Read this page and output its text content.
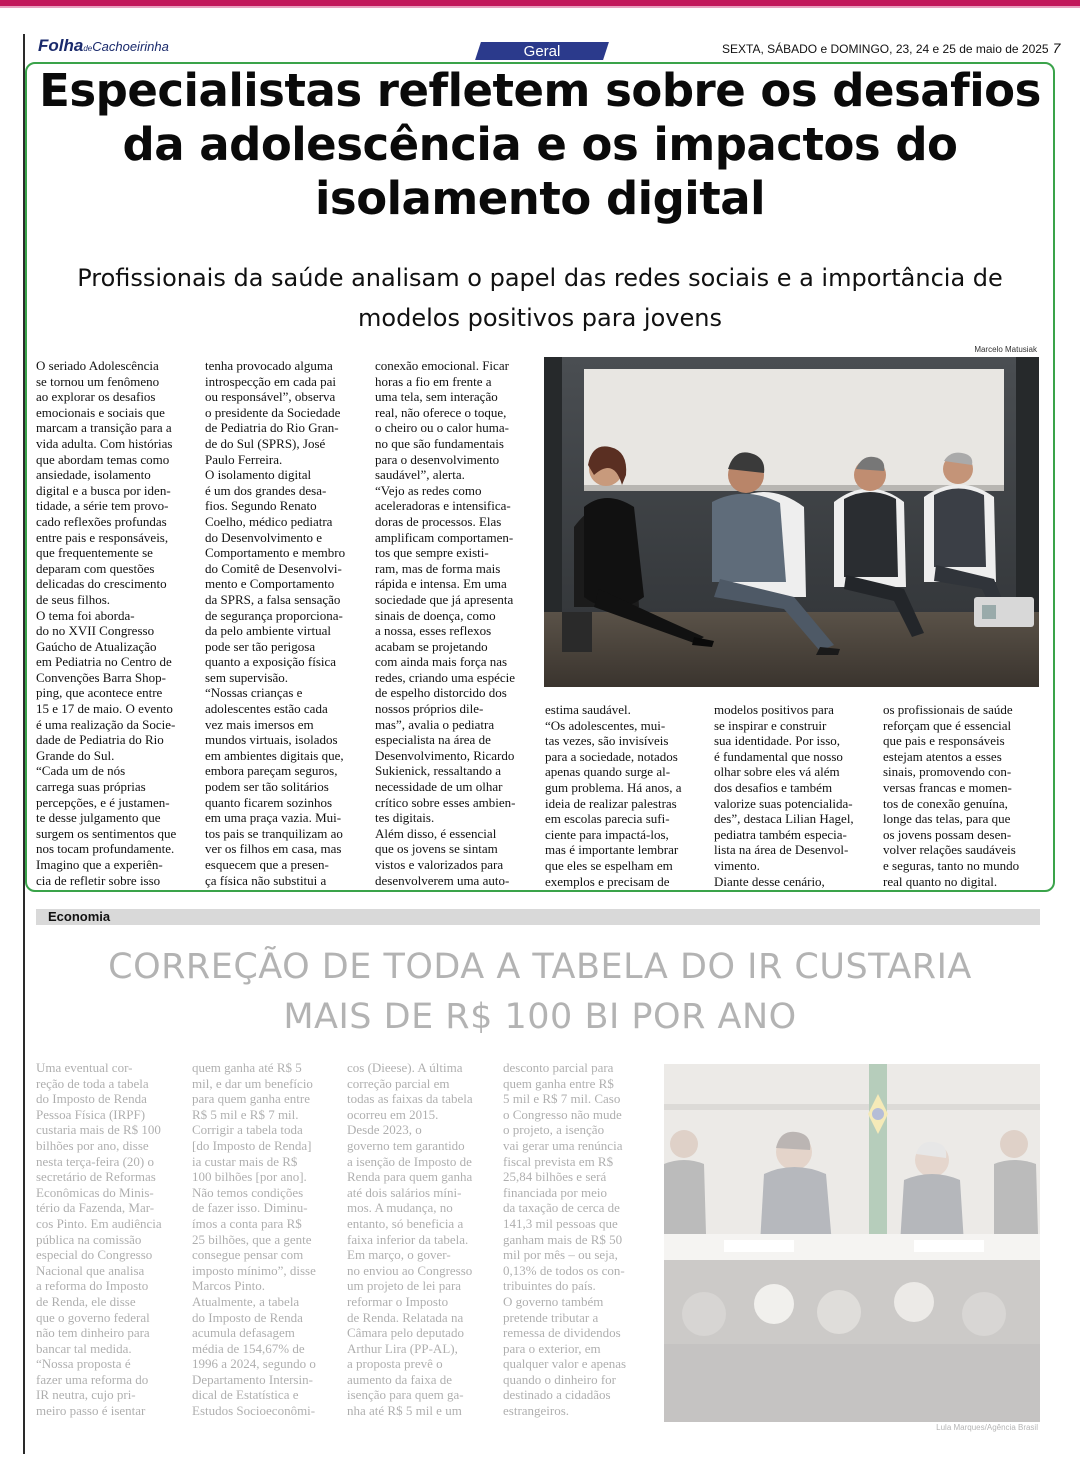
FolhadeCachoeirinha	Geral	SEXTA, SÁBADO e DOMINGO, 23, 24 e 25 de maio de 2025 7
Especialistas refletem sobre os desafios da adolescência e os impactos do isolamento digital
Profissionais da saúde analisam o papel das redes sociais e a importância de modelos positivos para jovens
O seriado Adolescência
se tornou um fenômeno
ao explorar os desafios
emocionais e sociais que
marcam a transição para a
vida adulta. Com histórias
que abordam temas como
ansiedade, isolamento
digital e a busca por iden-
tidade, a série tem provo-
cado reflexões profundas
entre pais e responsáveis,
que frequentemente se
deparam com questões
delicadas do crescimento
de seus filhos.
O tema foi aborda-
do no XVII Congresso
Gaúcho de Atualização
em Pediatria no Centro de
Convenções Barra Shop-
ping, que acontece entre
15 e 17 de maio. O evento
é uma realização da Socie-
dade de Pediatria do Rio
Grande do Sul.
“Cada um de nós
carrega suas próprias
percepções, e é justamen-
te desse julgamento que
surgem os sentimentos que
nos tocam profundamente.
Imagino que a experiên-
cia de refletir sobre isso
tenha provocado alguma
introspecção em cada pai
ou responsável”, observa
o presidente da Sociedade
de Pediatria do Rio Gran-
de do Sul (SPRS), José
Paulo Ferreira.
O isolamento digital
é um dos grandes desa-
fios. Segundo Renato
Coelho, médico pediatra
do Desenvolvimento e
Comportamento e membro
do Comitê de Desenvolvi-
mento e Comportamento
da SPRS, a falsa sensação
de segurança proporciona-
da pelo ambiente virtual
pode ser tão perigosa
quanto a exposição física
sem supervisão.
“Nossas crianças e
adolescentes estão cada
vez mais imersos em
mundos virtuais, isolados
em ambientes digitais que,
embora pareçam seguros,
podem ser tão solitários
quanto ficarem sozinhos
em uma praça vazia. Mui-
tos pais se tranquilizam ao
ver os filhos em casa, mas
esquecem que a presen-
ça física não substitui a
conexão emocional. Ficar
horas a fio em frente a
uma tela, sem interação
real, não oferece o toque,
o cheiro ou o calor huma-
no que são fundamentais
para o desenvolvimento
saudável”, alerta.
“Vejo as redes como
aceleradoras e intensifica-
doras de processos. Elas
amplificam comportamen-
tos que sempre existi-
ram, mas de forma mais
rápida e intensa. Em uma
sociedade que já apresenta
sinais de doença, como
a nossa, esses reflexos
acabam se projetando
com ainda mais força nas
redes, criando uma espécie
de espelho distorcido dos
nossos próprios dile-
mas”, avalia o pediatra
especialista na área de
Desenvolvimento, Ricardo
Sukienick, ressaltando a
necessidade de um olhar
crítico sobre esses ambien-
tes digitais.
Além disso, é essencial
que os jovens se sintam
vistos e valorizados para
desenvolverem uma auto-
estima saudável.
“Os adolescentes, mui-
tas vezes, são invisíveis
para a sociedade, notados
apenas quando surge al-
gum problema. Há anos, a
ideia de realizar palestras
em escolas parecia sufi-
ciente para impactá-los,
mas é importante lembrar
que eles se espelham em
exemplos e precisam de
modelos positivos para
se inspirar e construir
sua identidade. Por isso,
é fundamental que nosso
olhar sobre eles vá além
dos desafios e também
valorize suas potencialida-
des”, destaca Lilian Hagel,
pediatra também especia-
lista na área de Desenvol-
vimento.
Diante desse cenário,
os profissionais de saúde
reforçam que é essencial
que pais e responsáveis
estejam atentos a esses
sinais, promovendo con-
versas francas e momen-
tos de conexão genuína,
longe das telas, para que
os jovens possam desen-
volver relações saudáveis
e seguras, tanto no mundo
real quanto no digital.
Marcelo Matusiak
Economia
CORREÇÃO DE TODA A TABELA DO IR CUSTARIA MAIS DE R$ 100 BI POR ANO
Uma eventual cor-
reção de toda a tabela
do Imposto de Renda
Pessoa Física (IRPF)
custaria mais de R$ 100
bilhões por ano, disse
nesta terça-feira (20) o
secretário de Reformas
Econômicas do Minis-
tério da Fazenda, Mar-
cos Pinto. Em audiência
pública na comissão
especial do Congresso
Nacional que analisa
a reforma do Imposto
de Renda, ele disse
que o governo federal
não tem dinheiro para
bancar tal medida.
“Nossa proposta é
fazer uma reforma do
IR neutra, cujo pri-
meiro passo é isentar
quem ganha até R$ 5
mil, e dar um benefício
para quem ganha entre
R$ 5 mil e R$ 7 mil.
Corrigir a tabela toda
[do Imposto de Renda]
ia custar mais de R$
100 bilhões [por ano].
Não temos condições
de fazer isso. Diminu-
ímos a conta para R$
25 bilhões, que a gente
consegue pensar com
imposto mínimo”, disse
Marcos Pinto.
Atualmente, a tabela
do Imposto de Renda
acumula defasagem
média de 154,67% de
1996 a 2024, segundo o
Departamento Intersin-
dical de Estatística e
Estudos Socioeconômi-
cos (Dieese). A última
correção parcial em
todas as faixas da tabela
ocorreu em 2015.
Desde 2023, o
governo tem garantido
a isenção de Imposto de
Renda para quem ganha
até dois salários míni-
mos. A mudança, no
entanto, só beneficia a
faixa inferior da tabela.
Em março, o gover-
no enviou ao Congresso
um projeto de lei para
reformar o Imposto
de Renda. Relatada na
Câmara pelo deputado
Arthur Lira (PP-AL),
a proposta prevê o
aumento da faixa de
isenção para quem ga-
nha até R$ 5 mil e um
desconto parcial para
quem ganha entre R$
5 mil e R$ 7 mil. Caso
o Congresso não mude
o projeto, a isenção
vai gerar uma renúncia
fiscal prevista em R$
25,84 bilhões e será
financiada por meio
da taxação de cerca de
141,3 mil pessoas que
ganham mais de R$ 50
mil por mês – ou seja,
0,13% de todos os con-
tribuintes do país.
O governo também
pretende tributar a
remessa de dividendos
para o exterior, em
qualquer valor e apenas
quando o dinheiro for
destinado a cidadãos
estrangeiros.
Lula Marques/Agência Brasil
